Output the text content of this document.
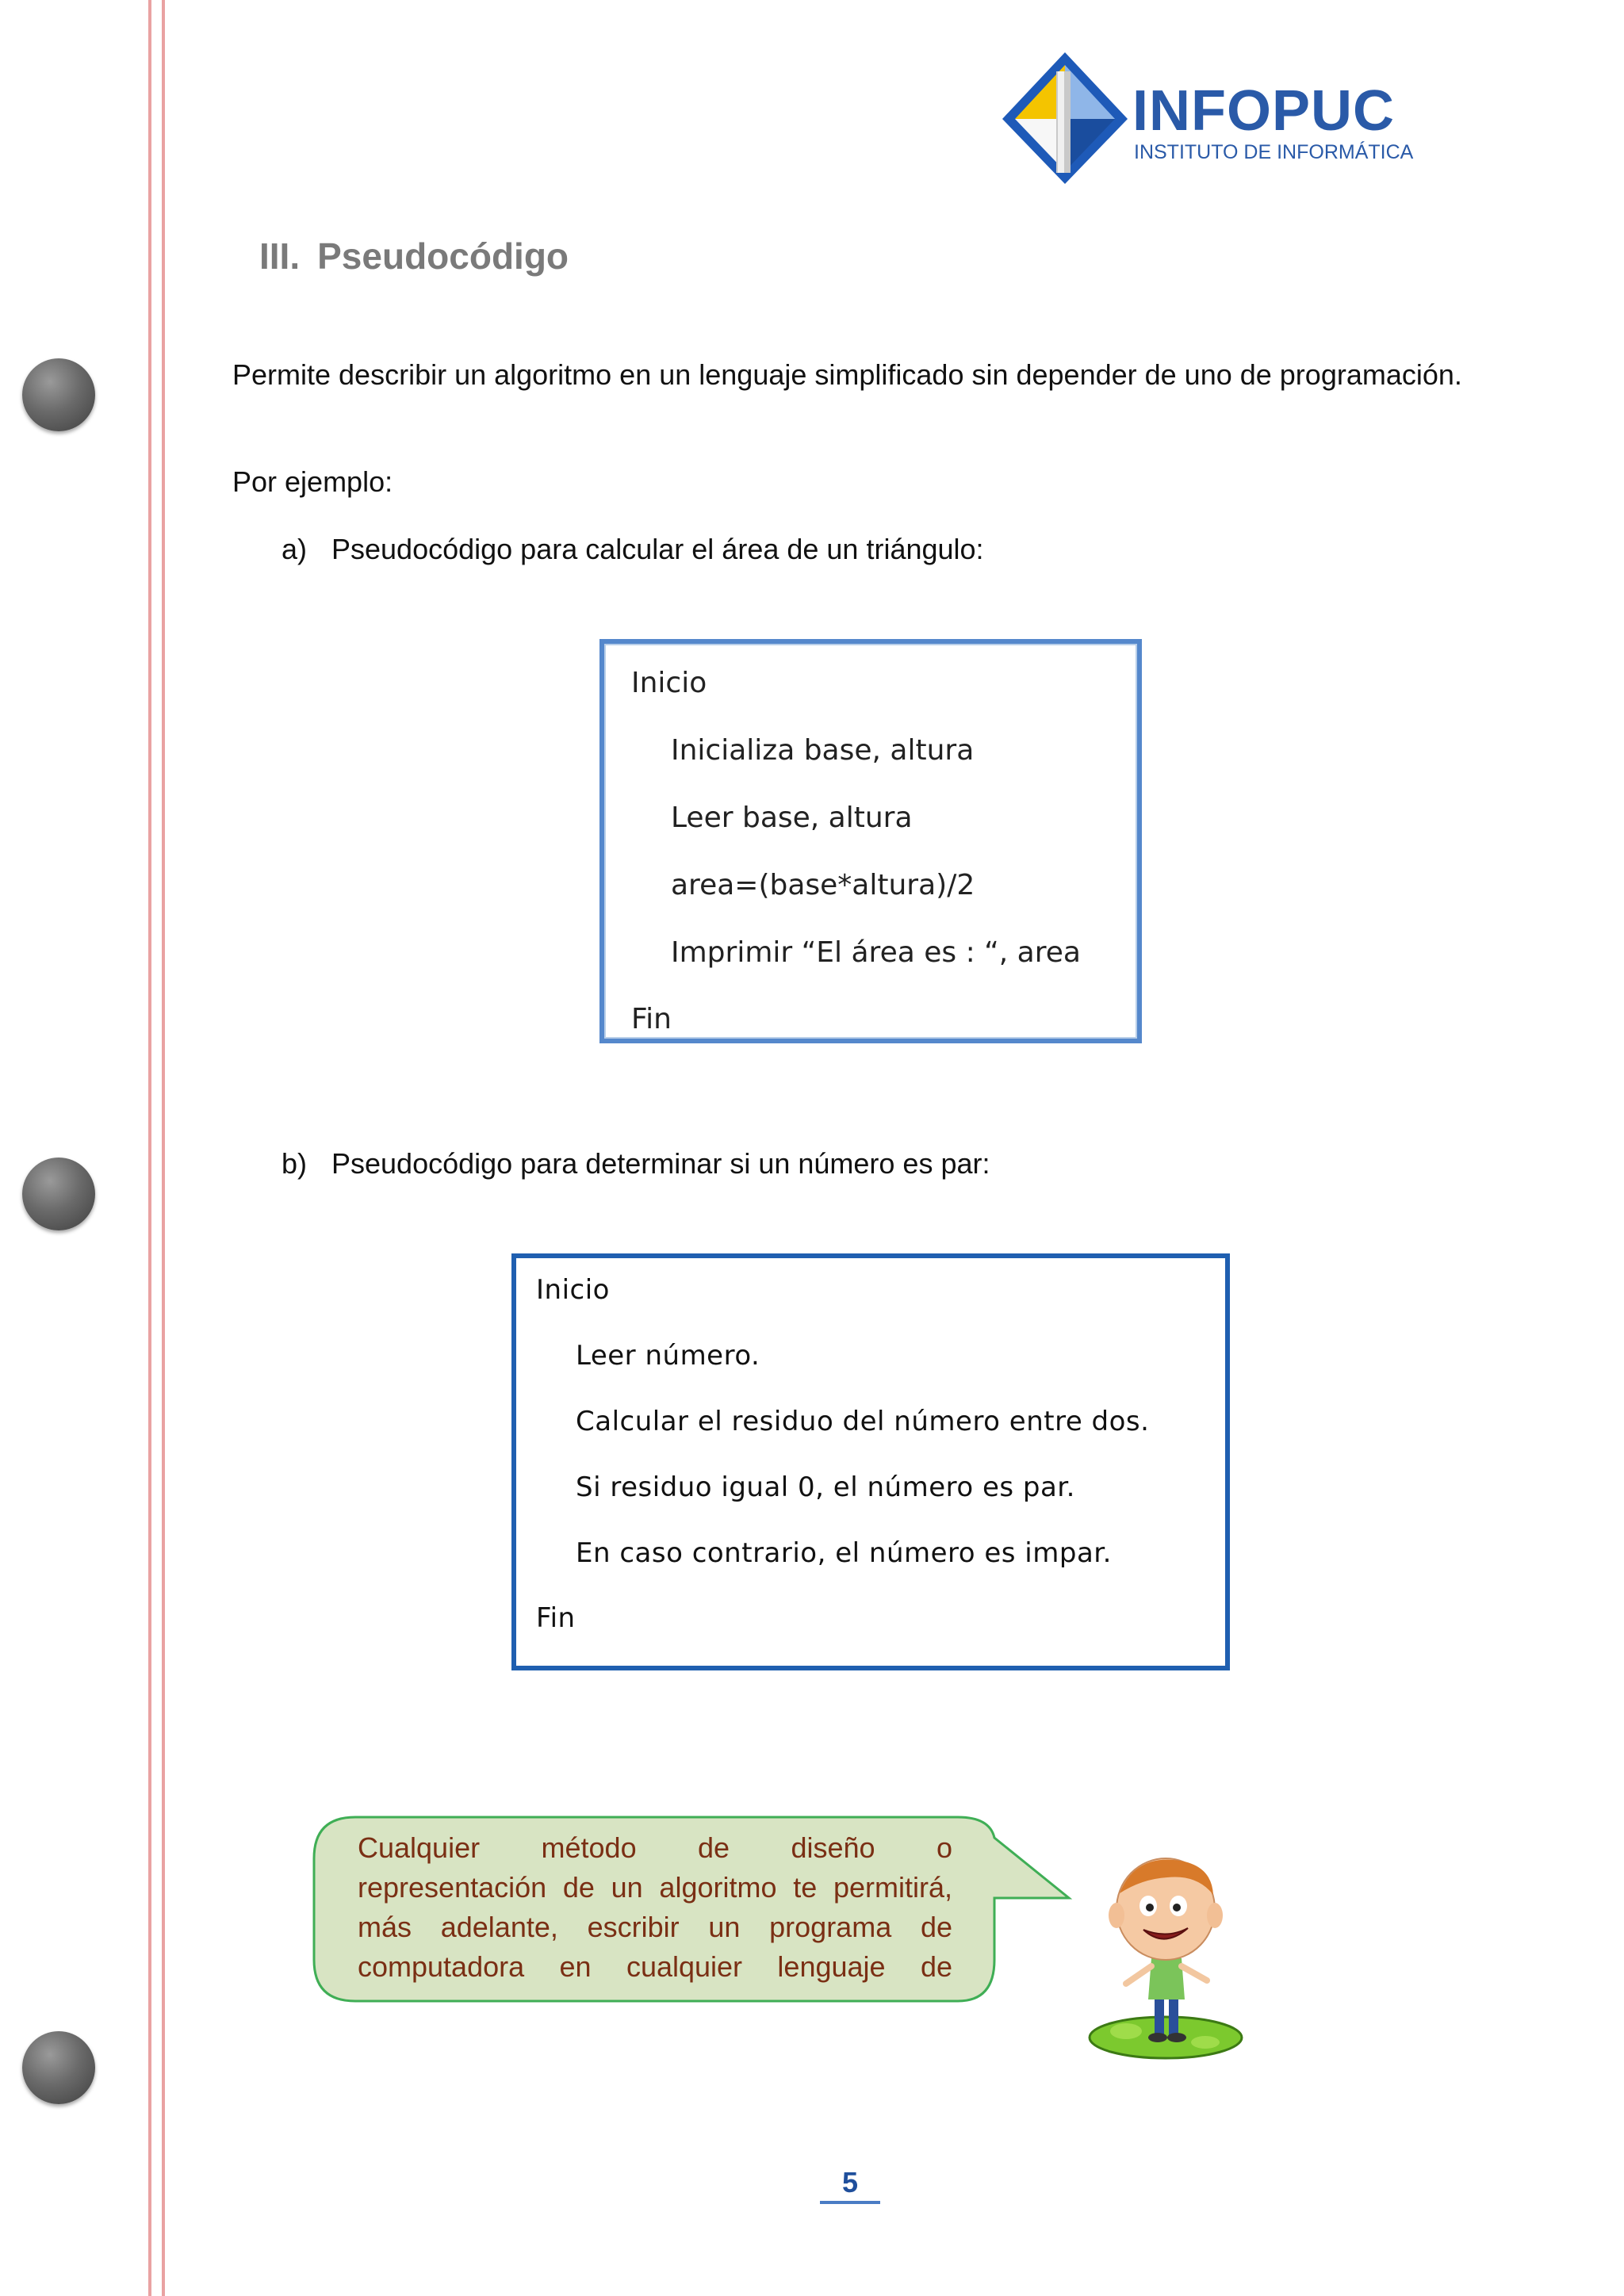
INFOPUC
INSTITUTO DE INFORMÁTICA
III. Pseudocódigo
Permite describir un algoritmo en un lenguaje simplificado sin depender de uno de programación.
Por ejemplo:
a) Pseudocódigo para calcular el área de un triángulo:
Inicio
Inicializa base, altura
Leer base, altura
area=(base*altura)/2
Imprimir “El área es : “, area
Fin
b) Pseudocódigo para determinar si un número es par:
Inicio
Leer número.
Calcular el residuo del número entre dos.
Si residuo igual 0, el número es par.
En caso contrario, el número es impar.
Fin
Cualquier método de diseño o
representación de un algoritmo te permitirá,
más adelante, escribir un programa de
computadora en cualquier lenguaje de
5
